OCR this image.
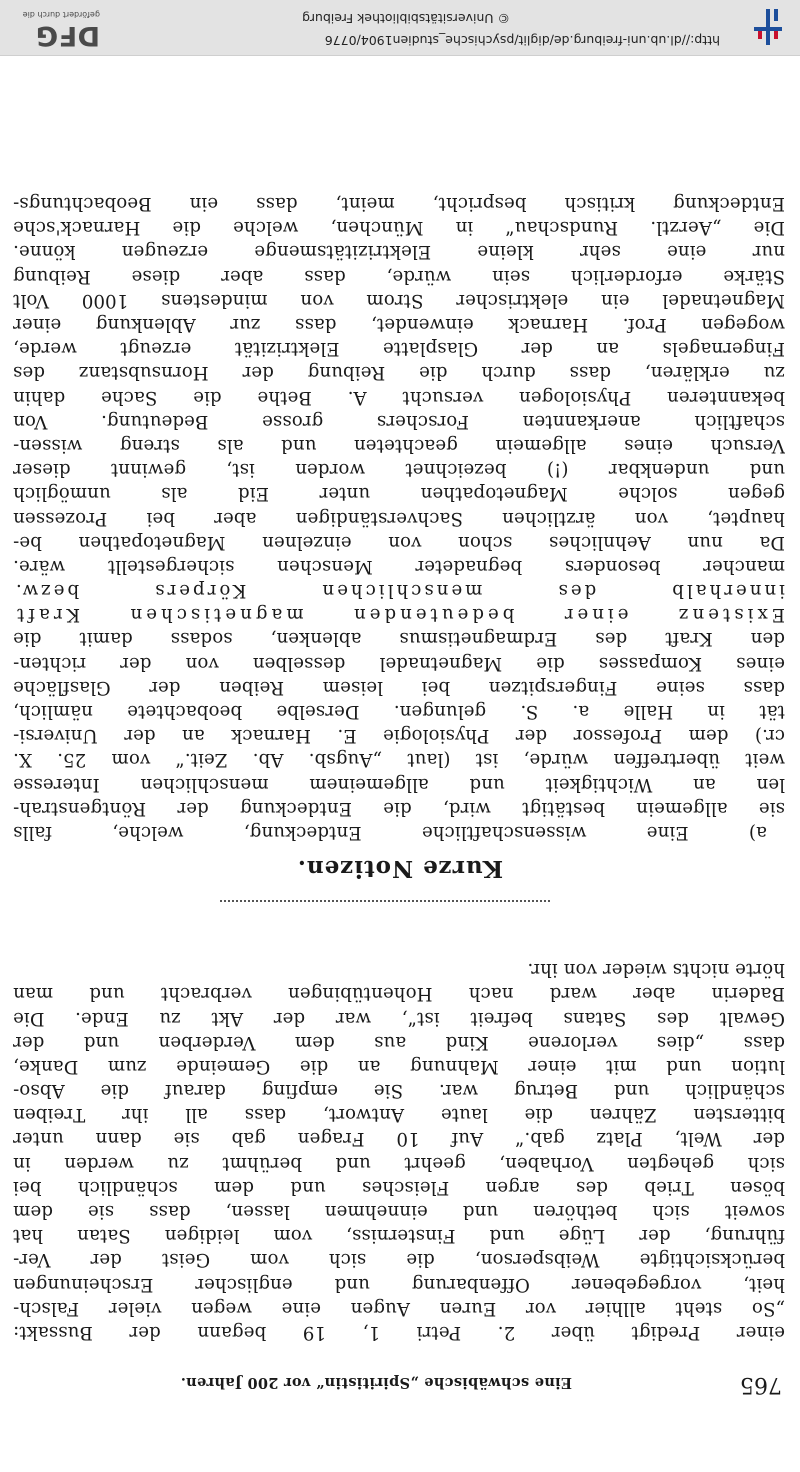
765
Eine schwäbische „Spiritistin“ vor 200 Jahren.
einer Predigt über 2. Petri 1, 19 begann der Bussakt:
„So steht allhier vor Euren Augen eine wegen vieler Falsch-
heit, vorgegebener Offenbarung und englischer Erscheinungen
berücksichtigte Weibsperson, die sich vom Geist der Ver-
führung, der Lüge und Finsterniss, vom leidigen Satan hat
soweit sich bethören und einnehmen lassen, dass sie dem
bösen Trieb des argen Fleisches und dem schändlich bei
sich gehegten Vorhaben, geehrt und berühmt zu werden in
der Welt, Platz gab.“ Auf 10 Fragen gab sie dann unter
bittersten Zähren die laute Antwort, dass all ihr Treiben
schändlich und Betrug war. Sie empfing darauf die Abso-
lution und mit einer Mahnung an die Gemeinde zum Danke,
dass „dies verlorene Kind aus dem Verderben und der
Gewalt des Satans befreit ist“, war der Akt zu Ende. Die
Baderin aber ward nach Hohentübingen verbracht und man
hörte nichts wieder von ihr.
Kurze Notizen.
a) Eine wissenschaftliche Entdeckung, welche, falls
sie allgemein bestätigt wird, die Entdeckung der Röntgenstrah-
len an Wichtigkeit und allgemeinem menschlichen Interesse
weit übertreffen würde, ist (laut „Augsb. Ab. Zeit.“ vom 25. X.
cr.) dem Professor der Physiologie E. Harnack an der Universi-
tät in Halle a. S. gelungen. Derselbe beobachtete nämlich,
dass seine Fingerspitzen bei leisem Reiben der Glasfläche
eines Kompasses die Magnetnadel desselben von der richten-
den Kraft des Erdmagnetismus ablenken, sodass damit die
Existenz einer bedeutenden magnetischen Kraft
innerhalb des menschlichen Körpers bezw.
mancher besonders begnadeter Menschen sichergestellt wäre.
Da nun Aehnliches schon von einzelnen Magnetopathen be-
hauptet, von ärztlichen Sachverständigen aber bei Prozessen
gegen solche Magnetopathen unter Eid als unmöglich
und undenkbar (!) bezeichnet worden ist, gewinnt dieser
Versuch eines allgemein geachteten und als streng wissen-
schaftlich anerkannten Forschers grosse Bedeutung. Von
bekannteren Physiologen versucht A. Bethe die Sache dahin
zu erklären, dass durch die Reibung der Hornsubstanz des
Fingernagels an der Glasplatte Elektrizität erzeugt werde,
wogegen Prof. Harnack einwendet, dass zur Ablenkung einer
Magnetnadel ein elektrischer Strom von mindestens 1000 Volt
Stärke erforderlich sein würde, dass aber diese Reibung
nur eine sehr kleine Elektrizitätsmenge erzeugen könne.
Die „Aerztl. Rundschau“ in München, welche die Harnack'sche
Entdeckung kritisch bespricht, meint, dass ein Beobachtungs-
http://dl.ub.uni-freiburg.de/diglit/psychische_studien1904/0776
© Universitätsbibliothek Freiburg
DFG
gefördert durch die
